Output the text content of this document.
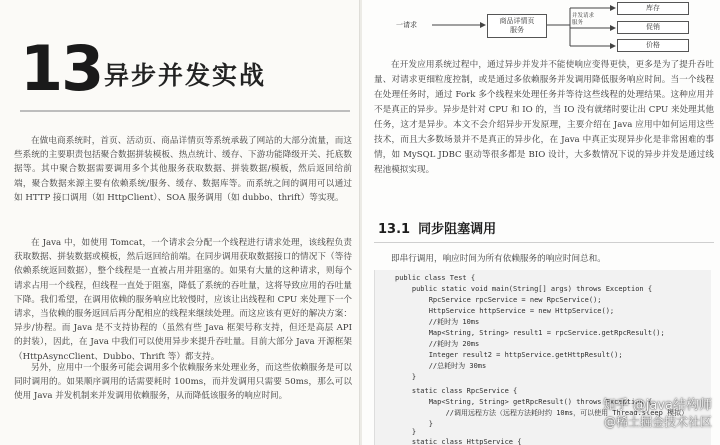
13 异步并发实战

在做电商系统时，首页、活动页、商品详情页等系统承载了网站的大部分流量，而这些系统的主要职责包括聚合数据拼装模板、热点统计、缓存、下游功能降级开关、托底数据等。其中聚合数据需要调用多个其他服务获取数据、拼装数据/模板，然后返回给前端，聚合数据来源主要有依赖系统/服务、缓存、数据库等。而系统之间的调用可以通过如 HTTP 接口调用（如 HttpClient）、SOA 服务调用（如 dubbo、thrift）等实现。

在 Java 中，如使用 Tomcat，一个请求会分配一个线程进行请求处理，该线程负责获取数据、拼装数据或模板，然后返回给前端。在同步调用获取数据接口的情况下（等待依赖系统返回数据），整个线程是一直被占用并阻塞的。如果有大量的这种请求，则每个请求占用一个线程，但线程一直处于阻塞，降低了系统的吞吐量，这将导致应用的吞吐量下降。我们希望，在调用依赖的服务响应比较慢时，应该让出线程和 CPU 来处理下一个请求，当依赖的服务返回后再分配相应的线程来继续处理。而这应该有更好的解决方案：异步/协程。而 Java 是不支持协程的（虽然有些 Java 框架号称支持，但还是高层 API 的封装），因此，在 Java 中我们可以使用异步来提升吞吐量。目前大部分 Java 开源框架（HttpAsyncClient、Dubbo、Thrift 等）都支持。

另外，应用中一个服务可能会调用多个依赖服务来处理业务，而这些依赖服务是可以同时调用的。如果顺序调用的话需要耗时 100ms，而并发调用只需要 50ms，那么可以使用 Java 并发机制来并发调用依赖服务，从而降低该服务的响应时间。

一请求	商品详情页
服务
并发请求
服务
库存
促销
价格

在开发应用系统过程中，通过异步并发并不能使响应变得更快，更多是为了提升吞吐量、对请求更细粒度控制，或是通过多依赖服务并发调用降低服务响应时间。当一个线程在处理任务时，通过 Fork 多个线程来处理任务并等待这些线程的处理结果。这种应用并不是真正的异步。异步是针对 CPU 和 IO 的，当 IO 没有就绪时要让出 CPU 来处理其他任务，这才是异步。本文不会介绍异步开发原理，主要介绍在 Java 应用中如何运用这些技术，而且大多数场景并不是真正的异步化，在 Java 中真正实现异步化是非常困难的事情，如 MySQL JDBC 驱动等很多都是 BIO 设计，大多数情况下说的异步并发是通过线程池模拟实现。

13.1 同步阻塞调用

即串行调用，响应时间为所有依赖服务的响应时间总和。

public class Test {
public static void main(String[] args) throws Exception {
RpcService rpcService = new RpcService();
HttpService httpService = new HttpService();
//耗时为 10ms
Map<String, String> result1 = rpcService.getRpcResult();
//耗时为 20ms
Integer result2 = httpService.getHttpResult();
//总耗时为 30ms
}
static class RpcService {
Map<String, String> getRpcResult() throws Exception {
//调用远程方法（远程方法耗时约 10ms，可以使用 Thread.sleep 模拟）
}
}
static class HttpService {
知乎 @java结构师
@稀土掘金技术社区
